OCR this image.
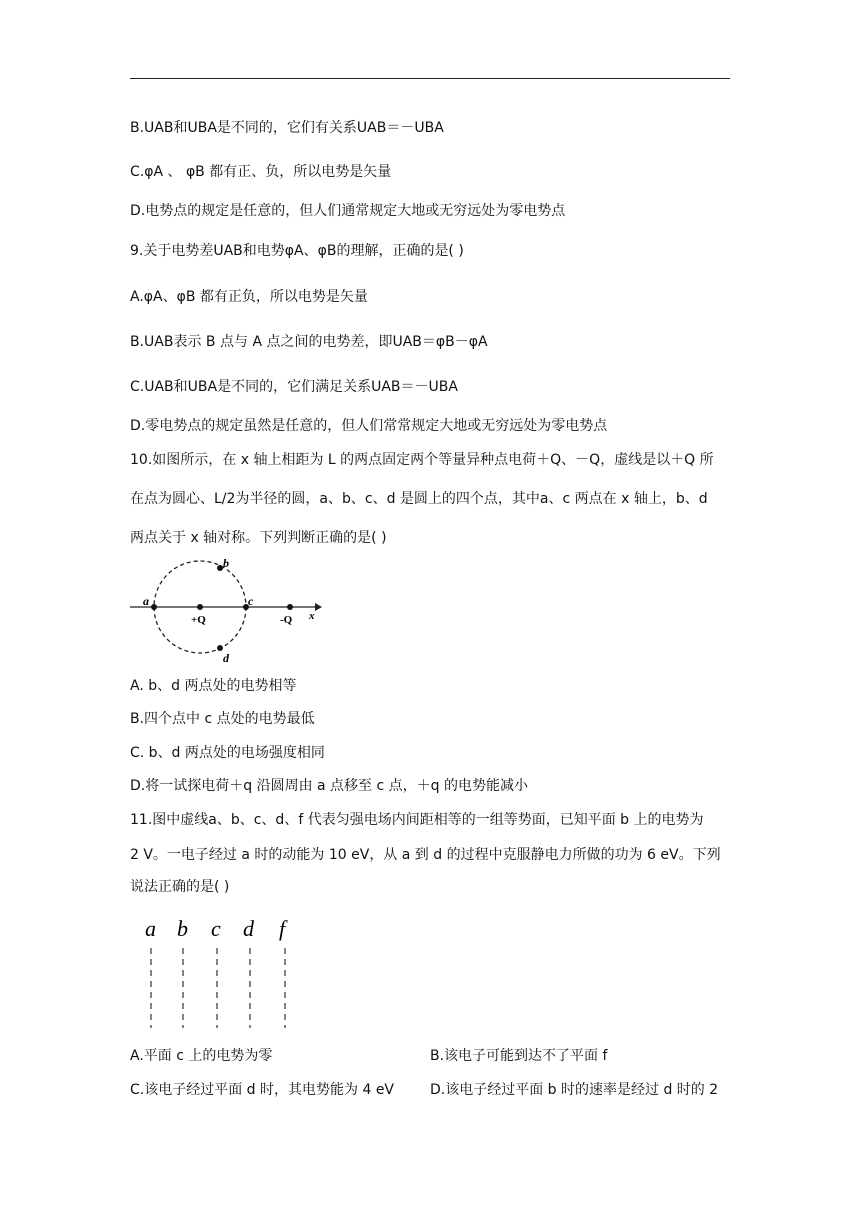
B.UAB和UBA是不同的，它们有关系UAB＝－UBA
C.φA 、 φB 都有正、负，所以电势是矢量
D.电势点的规定是任意的，但人们通常规定大地或无穷远处为零电势点
9.关于电势差UAB和电势φA、φB的理解，正确的是( )
A.φA、φB 都有正负，所以电势是矢量
B.UAB表示 B 点与 A 点之间的电势差，即UAB＝φB－φA
C.UAB和UBA是不同的，它们满足关系UAB＝－UBA
D.零电势点的规定虽然是任意的，但人们常常规定大地或无穷远处为零电势点
10.如图所示，在 x 轴上相距为 L 的两点固定两个等量异种点电荷＋Q、－Q，虚线是以＋Q 所
在点为圆心、L/2为半径的圆，a、b、c、d 是圆上的四个点，其中a、c 两点在 x 轴上，b、d
两点关于 x 轴对称。下列判断正确的是( )
a
b
c
d
+Q	-Q x
A. b、d 两点处的电势相等
B.四个点中 c 点处的电势最低
C. b、d 两点处的电场强度相同
D.将一试探电荷＋q 沿圆周由 a 点移至 c 点，＋q 的电势能减小
11.图中虚线a、b、c、d、f 代表匀强电场内间距相等的一组等势面，已知平面 b 上的电势为
2 V。一电子经过 a 时的动能为 10 eV，从 a 到 d 的过程中克服静电力所做的功为 6 eV。下列
说法正确的是( )
a b c d f
A.平面 c 上的电势为零	B.该电子可能到达不了平面 f
C.该电子经过平面 d 时，其电势能为 4 eV	D.该电子经过平面 b 时的速率是经过 d 时的 2
